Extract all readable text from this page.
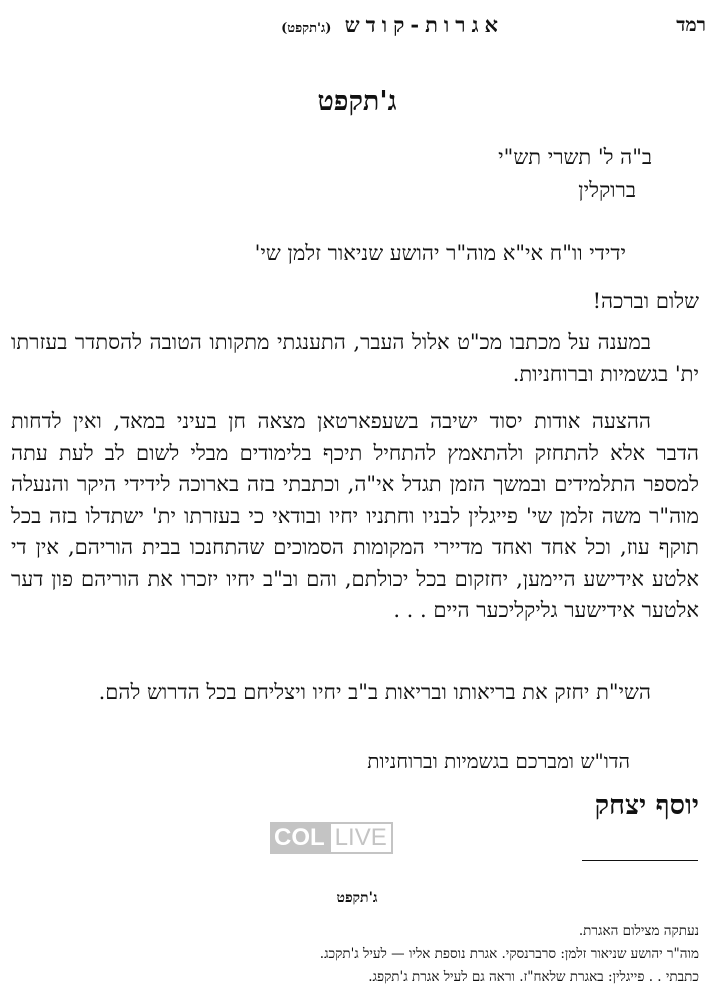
רמד
אגרות-קודש (ג'תקפט)
ג'תקפט
ב"ה ל' תשרי תש"י
ברוקלין
ידידי וו"ח אי"א מוה"ר יהושע שניאור זלמן שי'
שלום וברכה!
במענה על מכתבו מכ"ט אלול העבר, התענגתי מתקותו הטובה להסתדר בעזרתו ית' בגשמיות וברוחניות.
ההצעה אודות יסוד ישיבה בשעפארטאן מצאה חן בעיני במאד, ואין לדחות הדבר אלא להתחזק ולהתאמץ להתחיל תיכף בלימודים מבלי לשום לב לעת עתה למספר התלמידים ובמשך הזמן תגדל אי"ה, וכתבתי בזה בארוכה לידידי היקר והנעלה מוה"ר משה זלמן שי' פייגלין לבניו וחתניו יחיו ובודאי כי בעזרתו ית' ישתדלו בזה בכל תוקף עוז, וכל אחד ואחד מדיירי המקומות הסמוכים שהתחנכו בבית הוריהם, אין די אלטע אידישע היימען, יחזקום בכל יכולתם, והם וב"ב יחיו יזכרו את הוריהם פון דער אלטער אידישער גליקליכער היים . . .
השי"ת יחזק את בריאותו ובריאות ב"ב יחיו ויצליחם בכל הדרוש להם.
הדו"ש ומברכם בגשמיות וברוחניות
יוסף יצחק
COL LIVE
ג'תקפט
נעתקה מצילום האגרת.
מוה"ר יהושע שניאור זלמן: סרברנסקי. אגרת נוספת אליו — לעיל ג'תקכג.
כתבתי . . פייגלין: באגרת שלאח"ז. וראה גם לעיל אגרת ג'תקפג.
